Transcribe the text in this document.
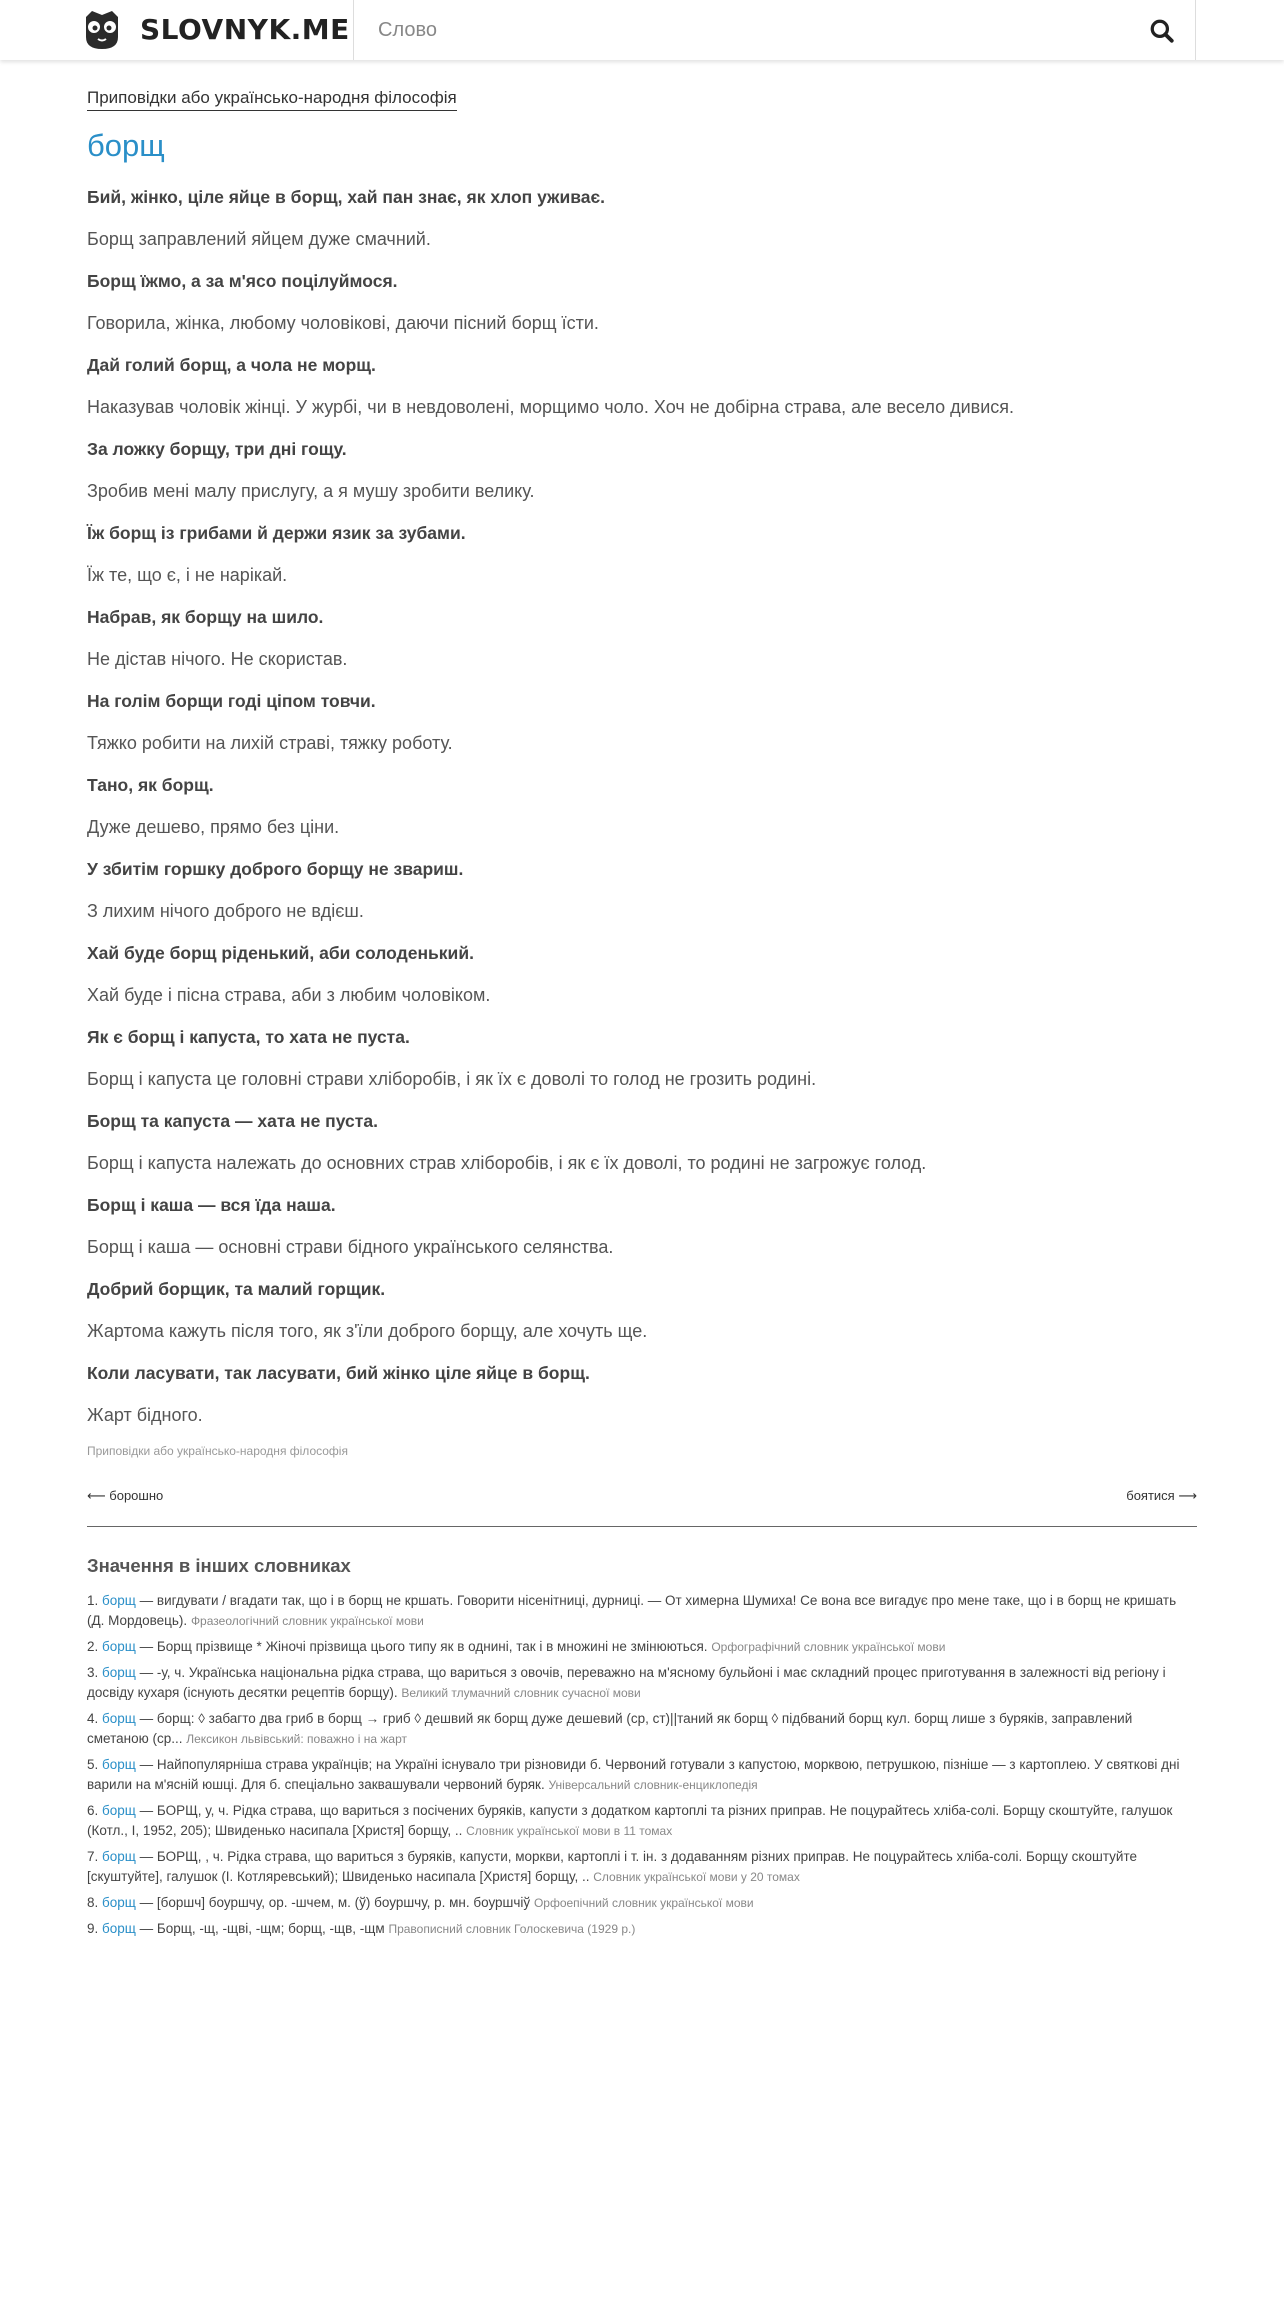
SLOVNYK.ME
Слово
Приповідки або українсько-народня філософія
борщ
Бий, жінко, ціле яйце в борщ, хай пан знає, як хлоп уживає.
Борщ заправлений яйцем дуже смачний.
Борщ їжмо, а за м'ясо поцілуймося.
Говорила, жінка, любому чоловікові, даючи пісний борщ їсти.
Дай голий борщ, а чола не морщ.
Наказував чоловік жінці. У журбі, чи в невдоволені, морщимо чоло. Хоч не добірна страва, але весело дивися.
За ложку борщу, три дні гощу.
Зробив мені малу прислугу, а я мушу зробити велику.
Їж борщ із грибами й держи язик за зубами.
Їж те, що є, і не нарікай.
Набрав, як борщу на шило.
Не дістав нічого. Не скористав.
На голім борщи годі ціпом товчи.
Тяжко робити на лихій страві, тяжку роботу.
Тано, як борщ.
Дуже дешево, прямо без ціни.
У збитім горшку доброго борщу не звариш.
З лихим нічого доброго не вдієш.
Хай буде борщ ріденький, аби солоденький.
Хай буде і пісна страва, аби з любим чоловіком.
Як є борщ і капуста, то хата не пуста.
Борщ і капуста це головні страви хліборобів, і як їх є доволі то голод не грозить родині.
Борщ та капуста — хата не пуста.
Борщ і капуста належать до основних страв хліборобів, і як є їх доволі, то родині не загрожує голод.
Борщ і каша — вся їда наша.
Борщ і каша — основні страви бідного українського селянства.
Добрий борщик, та малий горщик.
Жартома кажуть після того, як з'їли доброго борщу, але хочуть ще.
Коли ласувати, так ласувати, бий жінко ціле яйце в борщ.
Жарт бідного.
Приповідки або українсько-народня філософія
⟵ борошно	боятися ⟶
Значення в інших словниках
1. борщ — виг⁠⁠дувати / в⁠⁠гадати так⁠⁠, що і в борщ не кр⁠⁠шать. Говорити нісенітниці, дурниці. — От химерна Шумиха! Се вона все вигадує про мене таке, що і в борщ не кришать (Д. Мордовець). Фразеологічний словник української мови
2. борщ — Борщ прізвище * Жіночі прізвища цього типу як в однині, так і в множині не змінюються. Орфографічний словник української мови
3. борщ — -у, ч. Українська національна рідка страва, що вариться з овочів, переважно на м'ясному бульйоні і має складний процес приготування в залежності від регіону і досвіду кухаря (існують десятки рецептів борщу). Великий тлумачний словник сучасної мови
4. борщ — борщ: ◊ забаг⁠⁠то два гриб⁠⁠ в борщ → гриб ◊ деш⁠⁠вий як борщ дуже дешевий (ср, ст)||таний як борщ ◊ підб⁠⁠ваний борщ кул. борщ лише з буряків, заправлений сметаною (ср... Лексикон львівський: поважно і на жарт
5. борщ — Найпопулярніша страва українців; на Україні існувало три різновиди б. Червоний готували з капустою, морквою, петрушкою, пізніше — з картоплею. У святкові дні варили на м'ясній юшці. Для б. спеціально заквашували червоний буряк. Універсальний словник-енциклопедія
6. борщ — БОРЩ, у, ч. Рідка страва, що вариться з посічених буряків, капусти з додатком картоплі та різних приправ. Не поцурайтесь хліба-солі. Борщу скоштуйте, галушок (Котл., I, 1952, 205); Швиденько насипала [Христя] борщу, .. Словник української мови в 11 томах
7. борщ — БОРЩ, ⁠⁠, ч. Рідка страва, що вариться з буряків, капусти, моркви, картоплі і т. ін. з додаванням різних приправ. Не поцурайтесь хліба-солі. Борщу скоштуйте [скуштуйте], галушок (І. Котляревський); Швиденько насипала [Христя] борщу, .. Словник української мови у 20 томах
8. борщ — [боршч] боуршчу, ор. -шчем, м. (ў) боуршчу, р. мн. боуршчіў Орфоепічний словник української мови
9. борщ — Борщ, -щ⁠⁠, -щ⁠⁠ві, -щ⁠⁠м; борщ⁠⁠, -щ⁠⁠в, -щ⁠⁠м Правописний словник Голоскевича (1929 р.)
